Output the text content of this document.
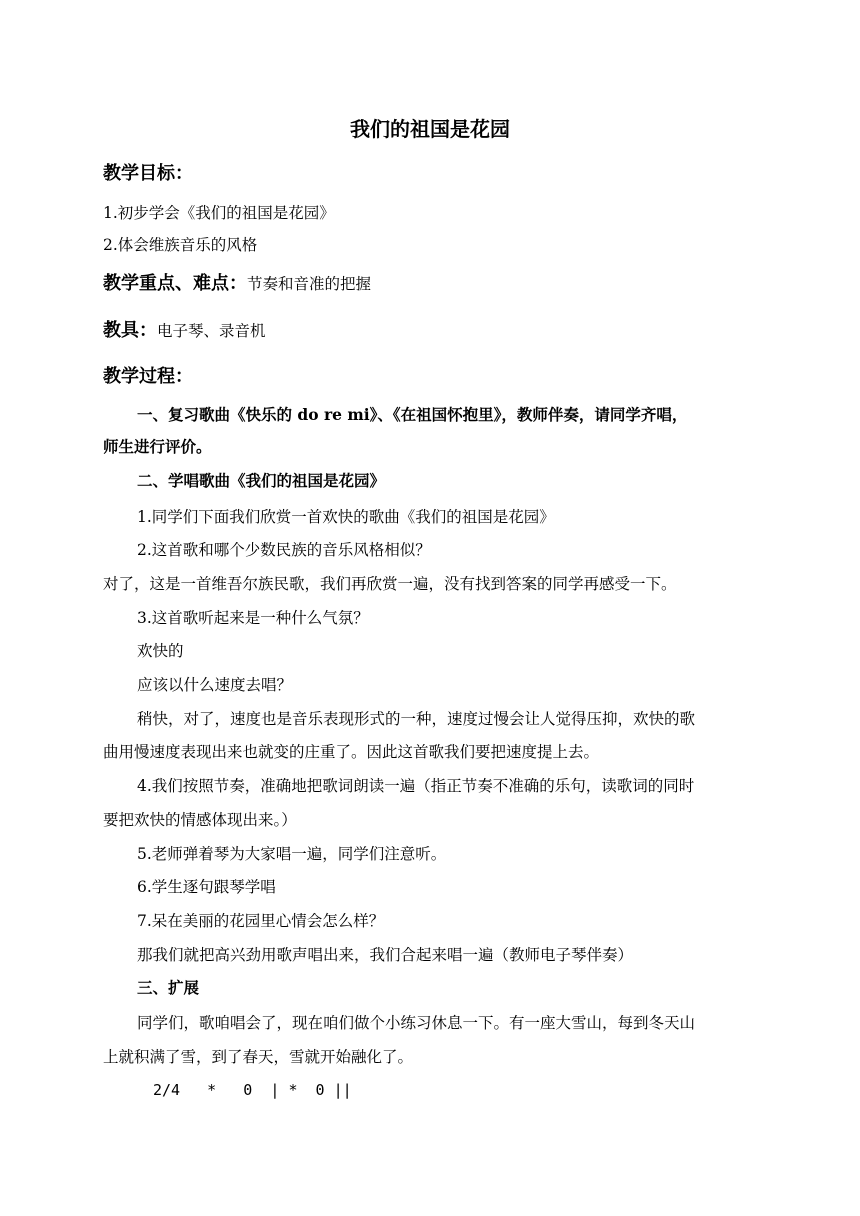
我们的祖国是花园
教学目标：
1.初步学会《我们的祖国是花园》
2.体会维族音乐的风格
教学重点、难点：节奏和音准的把握
教具：电子琴、录音机
教学过程：
一、复习歌曲《快乐的 do re mi》、《在祖国怀抱里》，教师伴奏，请同学齐唱，
师生进行评价。
二、学唱歌曲《我们的祖国是花园》
1.同学们下面我们欣赏一首欢快的歌曲《我们的祖国是花园》
2.这首歌和哪个少数民族的音乐风格相似？
对了，这是一首维吾尔族民歌，我们再欣赏一遍，没有找到答案的同学再感受一下。
3.这首歌听起来是一种什么气氛？
欢快的
应该以什么速度去唱？
稍快，对了，速度也是音乐表现形式的一种，速度过慢会让人觉得压抑，欢快的歌
曲用慢速度表现出来也就变的庄重了。因此这首歌我们要把速度提上去。
4.我们按照节奏，准确地把歌词朗读一遍（指正节奏不准确的乐句，读歌词的同时
要把欢快的情感体现出来。）
5.老师弹着琴为大家唱一遍，同学们注意听。
6.学生逐句跟琴学唱
7.呆在美丽的花园里心情会怎么样？
那我们就把高兴劲用歌声唱出来，我们合起来唱一遍（教师电子琴伴奏）
三、扩展
同学们，歌咱唱会了，现在咱们做个小练习休息一下。有一座大雪山，每到冬天山
上就积满了雪，到了春天，雪就开始融化了。
2/4   *   0  | *  0 ||
